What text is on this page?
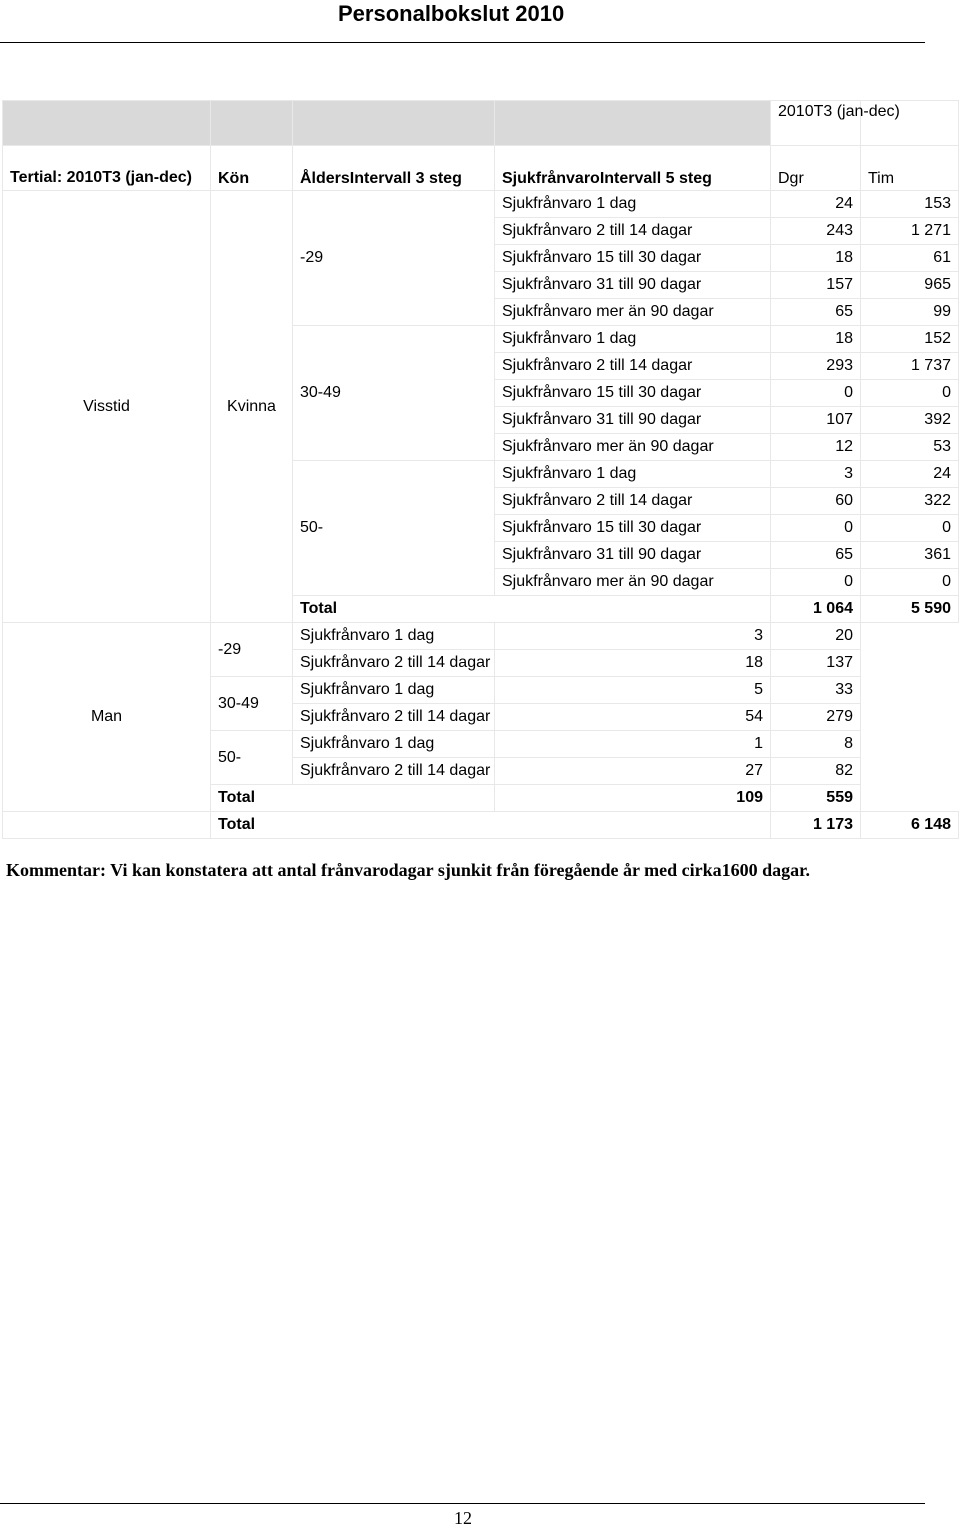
Personalbokslut 2010

				2010T3 (jan-dec)	

Tertial: 2010T3 (jan-dec)	Kön	ÅldersIntervall 3 steg	SjukfrånvaroIntervall 5 steg	Dgr	Tim
Visstid	Kvinna	-29	Sjukfrånvaro 1 dag	24	153
			Sjukfrånvaro 2 till 14 dagar	243	1 271
			Sjukfrånvaro 15 till 30 dagar	18	61
			Sjukfrånvaro 31 till 90 dagar	157	965
			Sjukfrånvaro mer än 90 dagar	65	99
		30-49	Sjukfrånvaro 1 dag	18	152
			Sjukfrånvaro 2 till 14 dagar	293	1 737
			Sjukfrånvaro 15 till 30 dagar	0	0
			Sjukfrånvaro 31 till 90 dagar	107	392
			Sjukfrånvaro mer än 90 dagar	12	53
		50-	Sjukfrånvaro 1 dag	3	24
			Sjukfrånvaro 2 till 14 dagar	60	322
			Sjukfrånvaro 15 till 30 dagar	0	0
			Sjukfrånvaro 31 till 90 dagar	65	361
			Sjukfrånvaro mer än 90 dagar	0	0
		Total		1 064	5 590
Man	-29	Sjukfrånvaro 1 dag	3	20	
		Sjukfrånvaro 2 till 14 dagar	18	137	
	30-49	Sjukfrånvaro 1 dag	5	33	
		Sjukfrånvaro 2 till 14 dagar	54	279	
	50-	Sjukfrånvaro 1 dag	1	8	
		Sjukfrånvaro 2 till 14 dagar	27	82	
	Total		109	559	
	Total			1 173	6 148
Kommentar: Vi kan konstatera att antal frånvarodagar sjunkit från föregående år med cirka1600 dagar.
12
